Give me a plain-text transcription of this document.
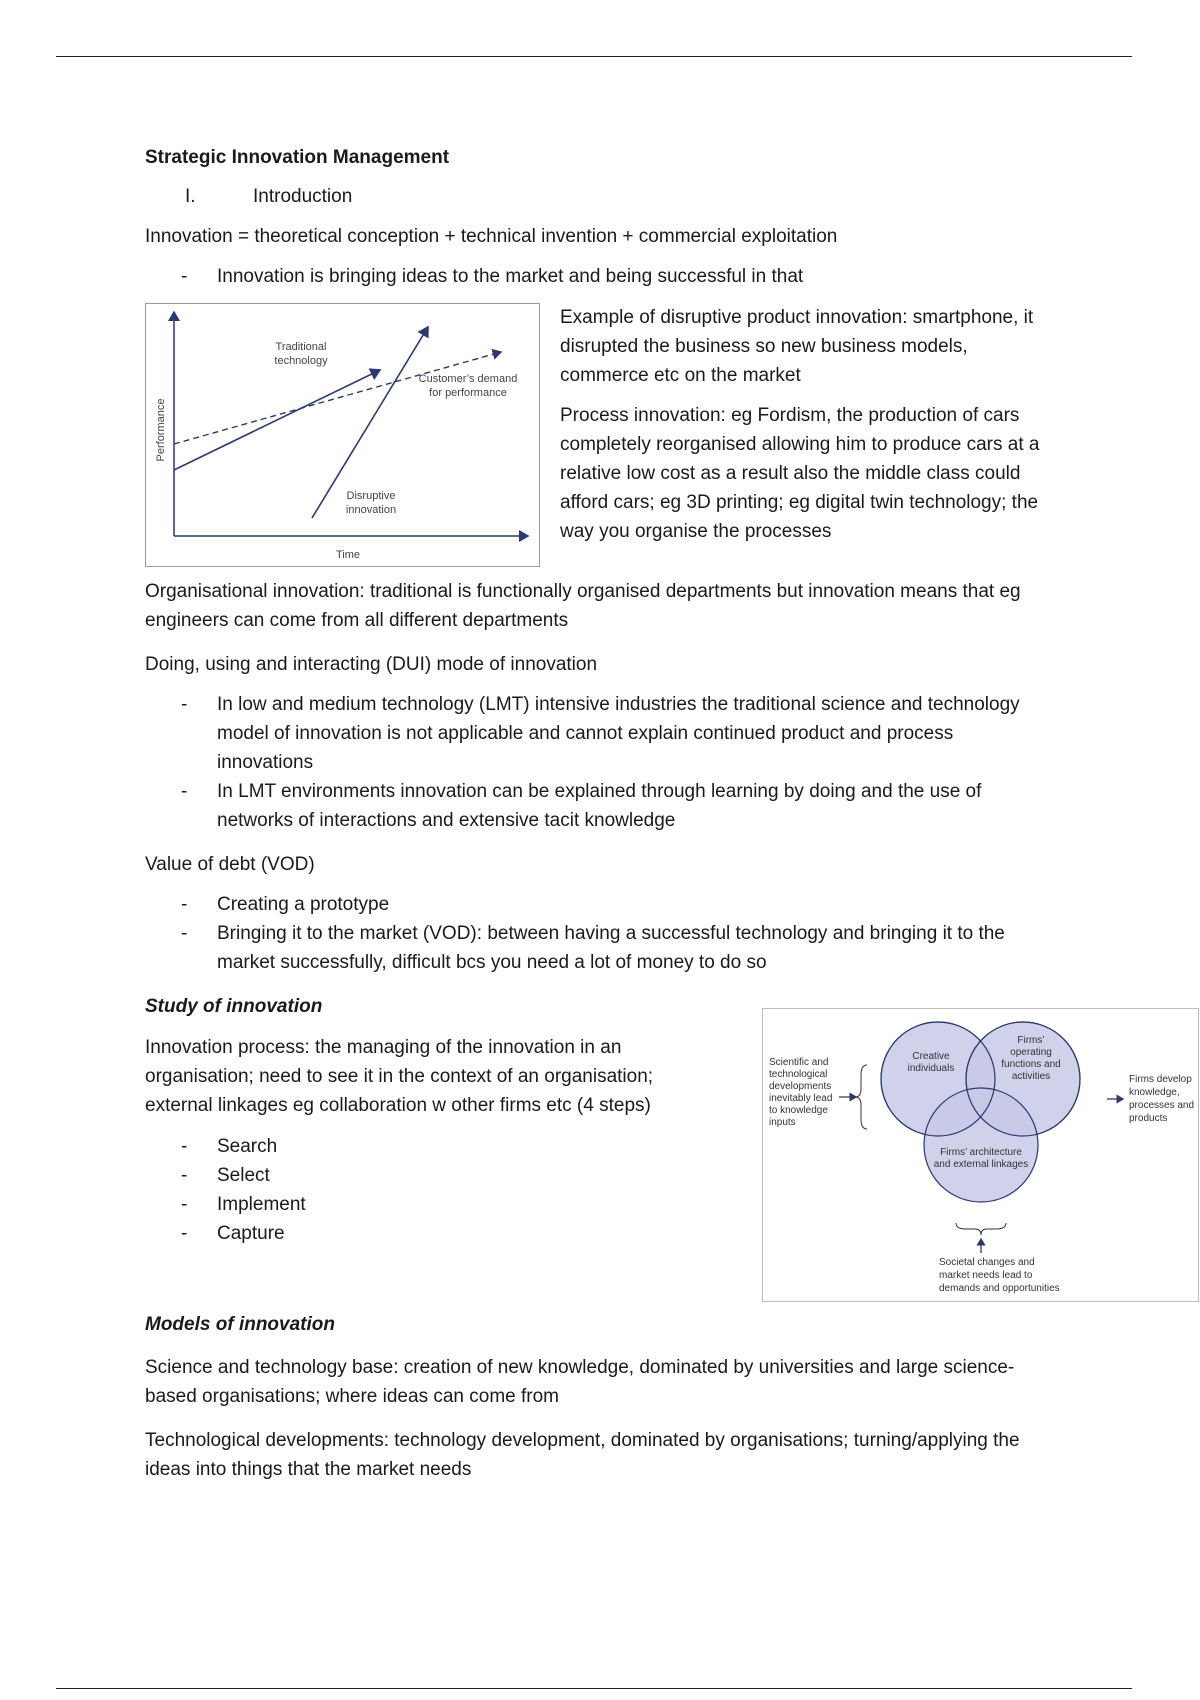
Strategic Innovation Management

I.	Introduction

Innovation = theoretical conception + technical invention + commercial exploitation

- Innovation is bringing ideas to the market and being successful in that
Traditional
technology
Customer’s demand
for performance
Disruptive
innovation
Time
Performance

Example of disruptive product innovation: smartphone, it disrupted the business so new business models, commerce etc on the market

Process innovation: eg Fordism, the production of cars completely reorganised allowing him to produce cars at a relative low cost as a result also the middle class could afford cars; eg 3D printing; eg digital twin technology; the way you organise the processes

Organisational innovation: traditional is functionally organised departments but innovation means that eg engineers can come from all different departments

Doing, using and interacting (DUI) mode of innovation

- In low and medium technology (LMT) intensive industries the traditional science and technology model of innovation is not applicable and cannot explain continued product and process innovations
- In LMT environments innovation can be explained through learning by doing and the use of networks of interactions and extensive tacit knowledge

Value of debt (VOD)

- Creating a prototype
- Bringing it to the market (VOD): between having a successful technology and bringing it to the market successfully, difficult bcs you need a lot of money to do so

Study of innovation

Innovation process: the managing of the innovation in an organisation; need to see it in the context of an organisation; external linkages eg collaboration w other firms etc (4 steps)

- Search
- Select
- Implement
- Capture
Creative
individuals
Firms’
operating
functions and
activities
Firms’ architecture
and external linkages
Scientific and
technological
developments
inevitably lead
to knowledge
inputs
Firms develop
knowledge,
processes and
products
Societal changes and
market needs lead to
demands and opportunities

Models of innovation

Science and technology base: creation of new knowledge, dominated by universities and large science-based organisations; where ideas can come from

Technological developments: technology development, dominated by organisations; turning/applying the ideas into things that the market needs
